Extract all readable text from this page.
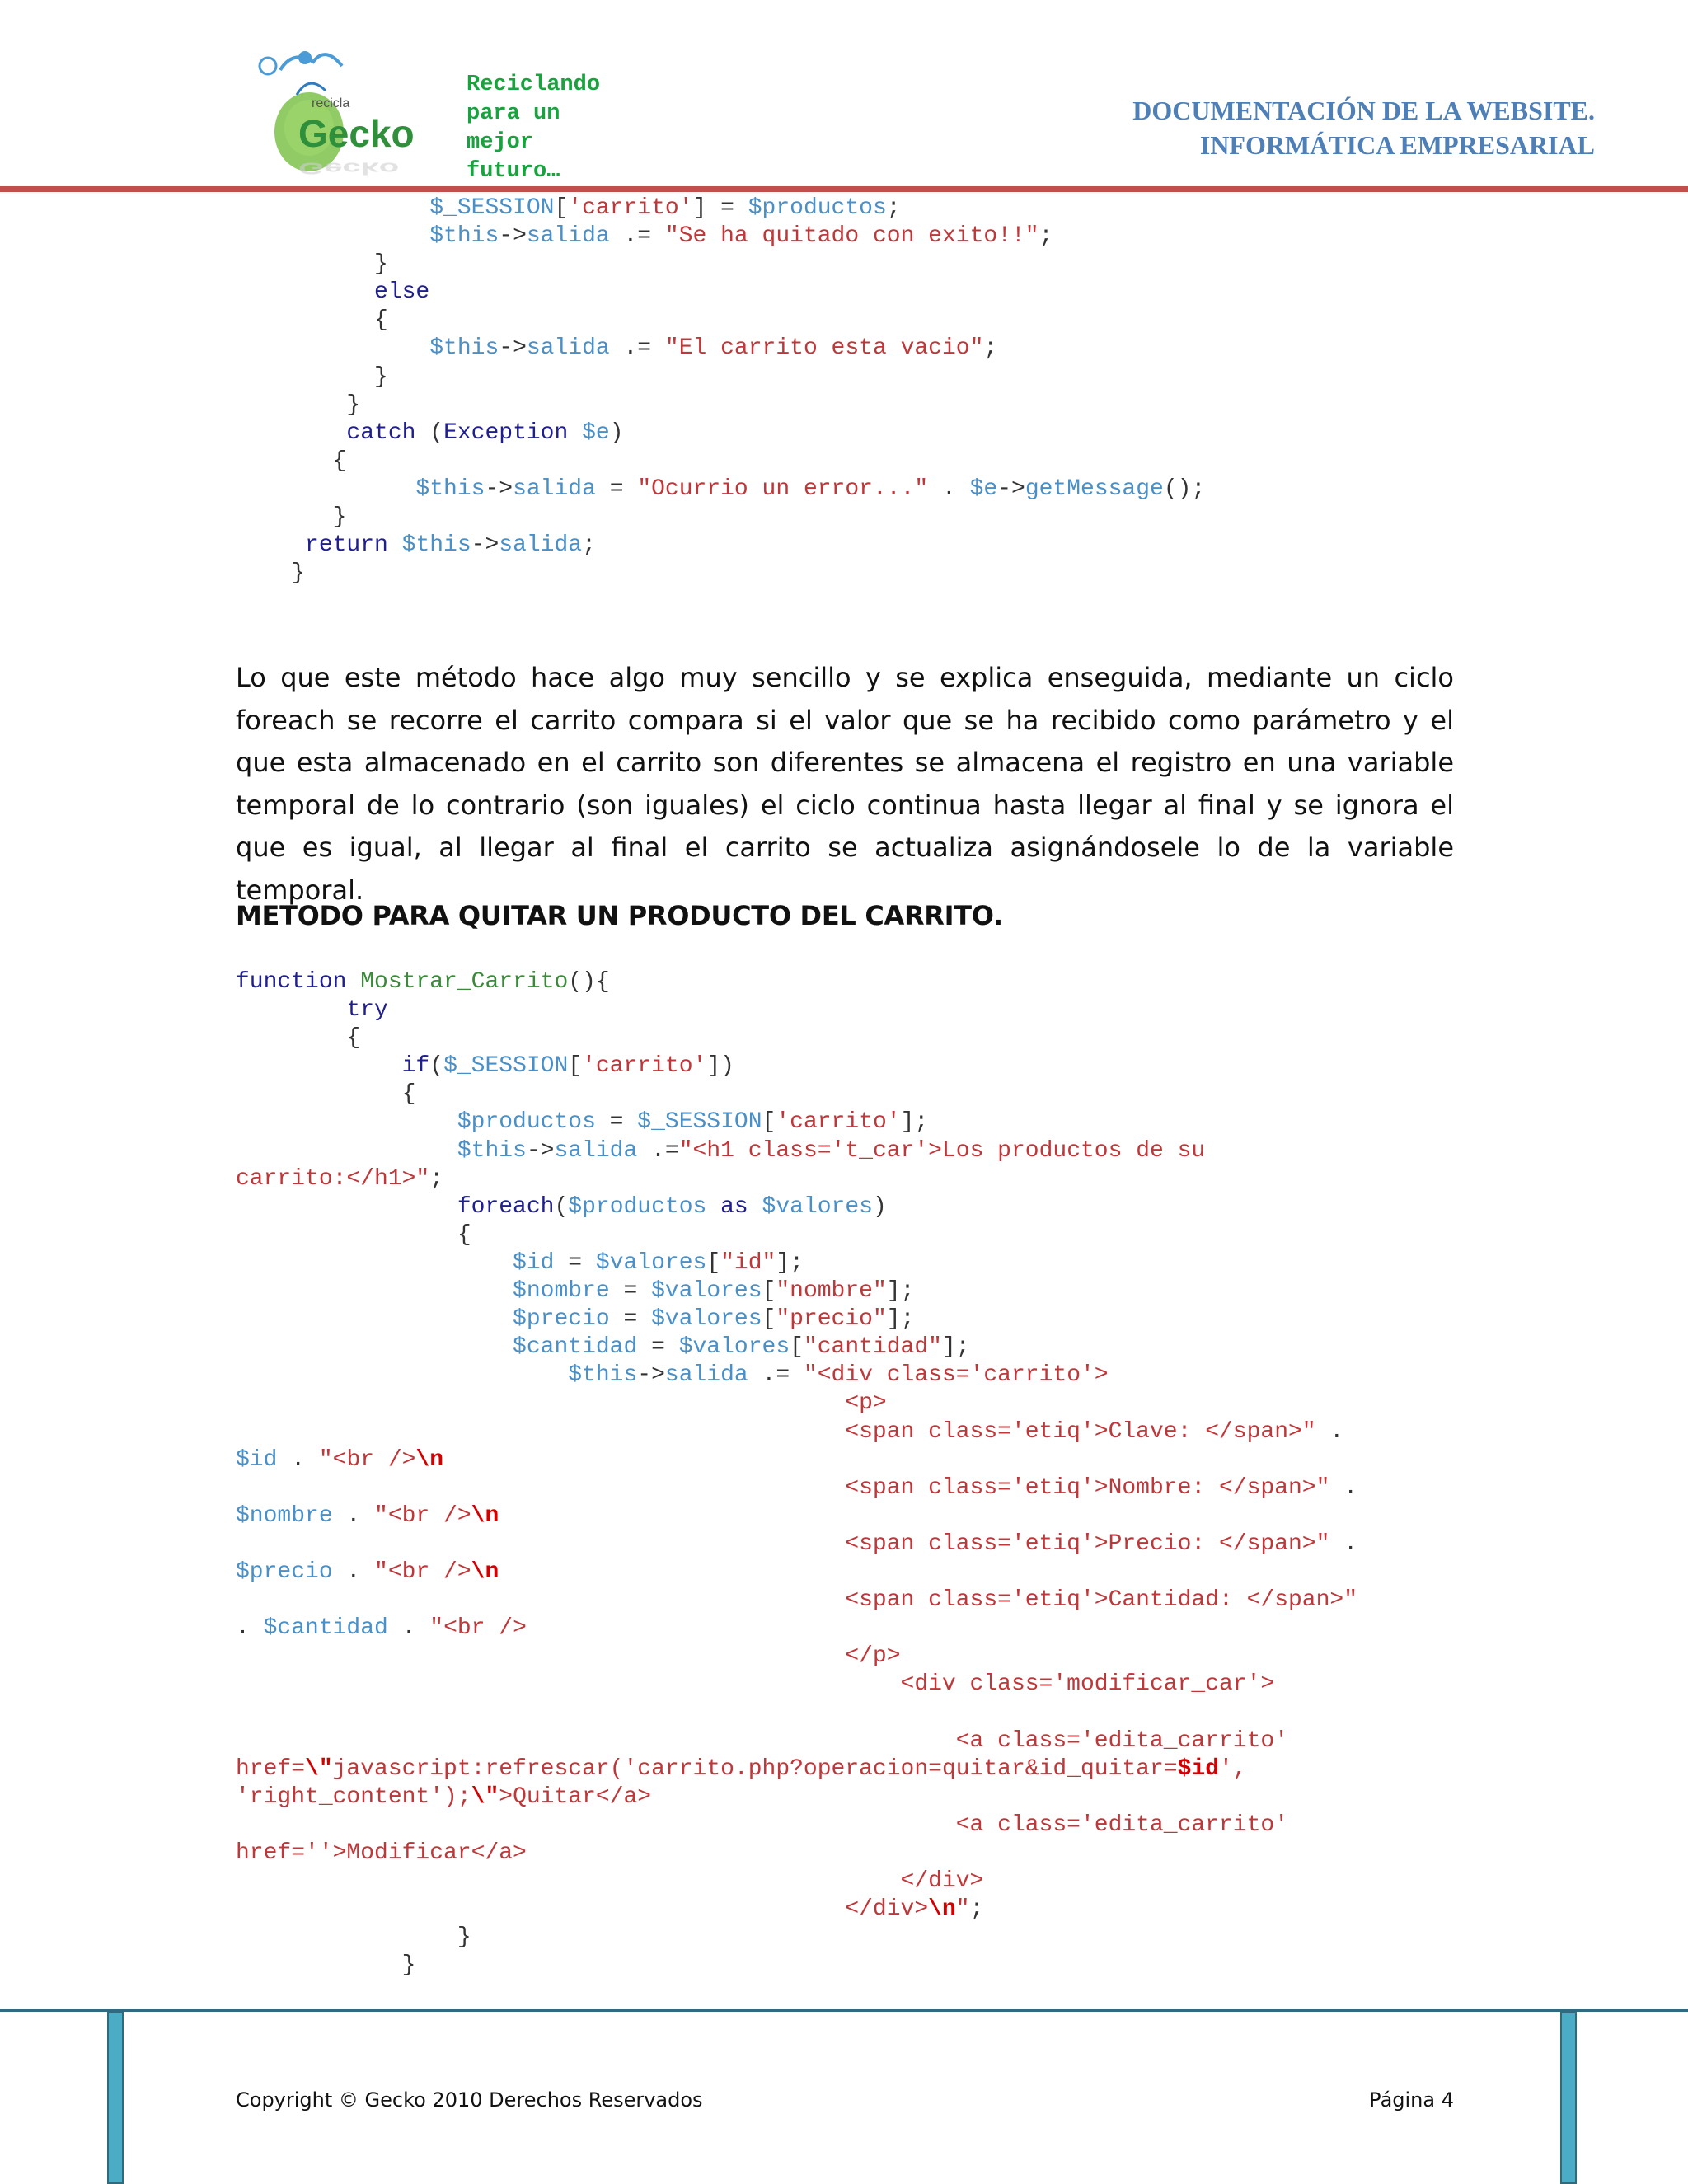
recicla
Gecko
Gecko
Reciclando
para un
mejor
futuro…
DOCUMENTACIÓN DE LA WEBSITE.
INFORMÁTICA EMPRESARIAL
$_SESSION['carrito'] = $productos;
$this->salida .= "Se ha quitado con exito!!";
}
else
{
$this->salida .= "El carrito esta vacio";
}
}
catch (Exception $e)
{
$this->salida = "Ocurrio un error..." . $e->getMessage();
}
return $this->salida;
}

Lo que este método hace algo muy sencillo y se explica enseguida, mediante un ciclo foreach se recorre el carrito compara si el valor que se ha recibido como parámetro y el que esta almacenado en el carrito son diferentes se almacena el registro en una variable temporal de lo contrario (son iguales) el ciclo continua hasta llegar al final y se ignora el que es igual, al llegar al final el carrito se actualiza asignándosele lo de la variable temporal.

METODO PARA QUITAR UN PRODUCTO DEL CARRITO.

function Mostrar_Carrito(){
try
{
if($_SESSION['carrito'])
{
$productos = $_SESSION['carrito'];
$this->salida .="<h1 class='t_car'>Los productos de su
carrito:</h1>";
foreach($productos as $valores)
{
$id = $valores["id"];
$nombre = $valores["nombre"];
$precio = $valores["precio"];
$cantidad = $valores["cantidad"];
$this->salida .= "<div class='carrito'>
<p>
<span class='etiq'>Clave: </span>" .
$id . "<br />\n
<span class='etiq'>Nombre: </span>" .
$nombre . "<br />\n
<span class='etiq'>Precio: </span>" .
$precio . "<br />\n
<span class='etiq'>Cantidad: </span>"
. $cantidad . "<br />
</p>
<div class='modificar_car'>
<a class='edita_carrito'
href=\"javascript:refrescar('carrito.php?operacion=quitar&id_quitar=$id',
'right_content');\">Quitar</a>
<a class='edita_carrito'
href=''>Modificar</a>
</div>
</div>\n";
}
}
Copyright © Gecko 2010 Derechos Reservados	Página 4
